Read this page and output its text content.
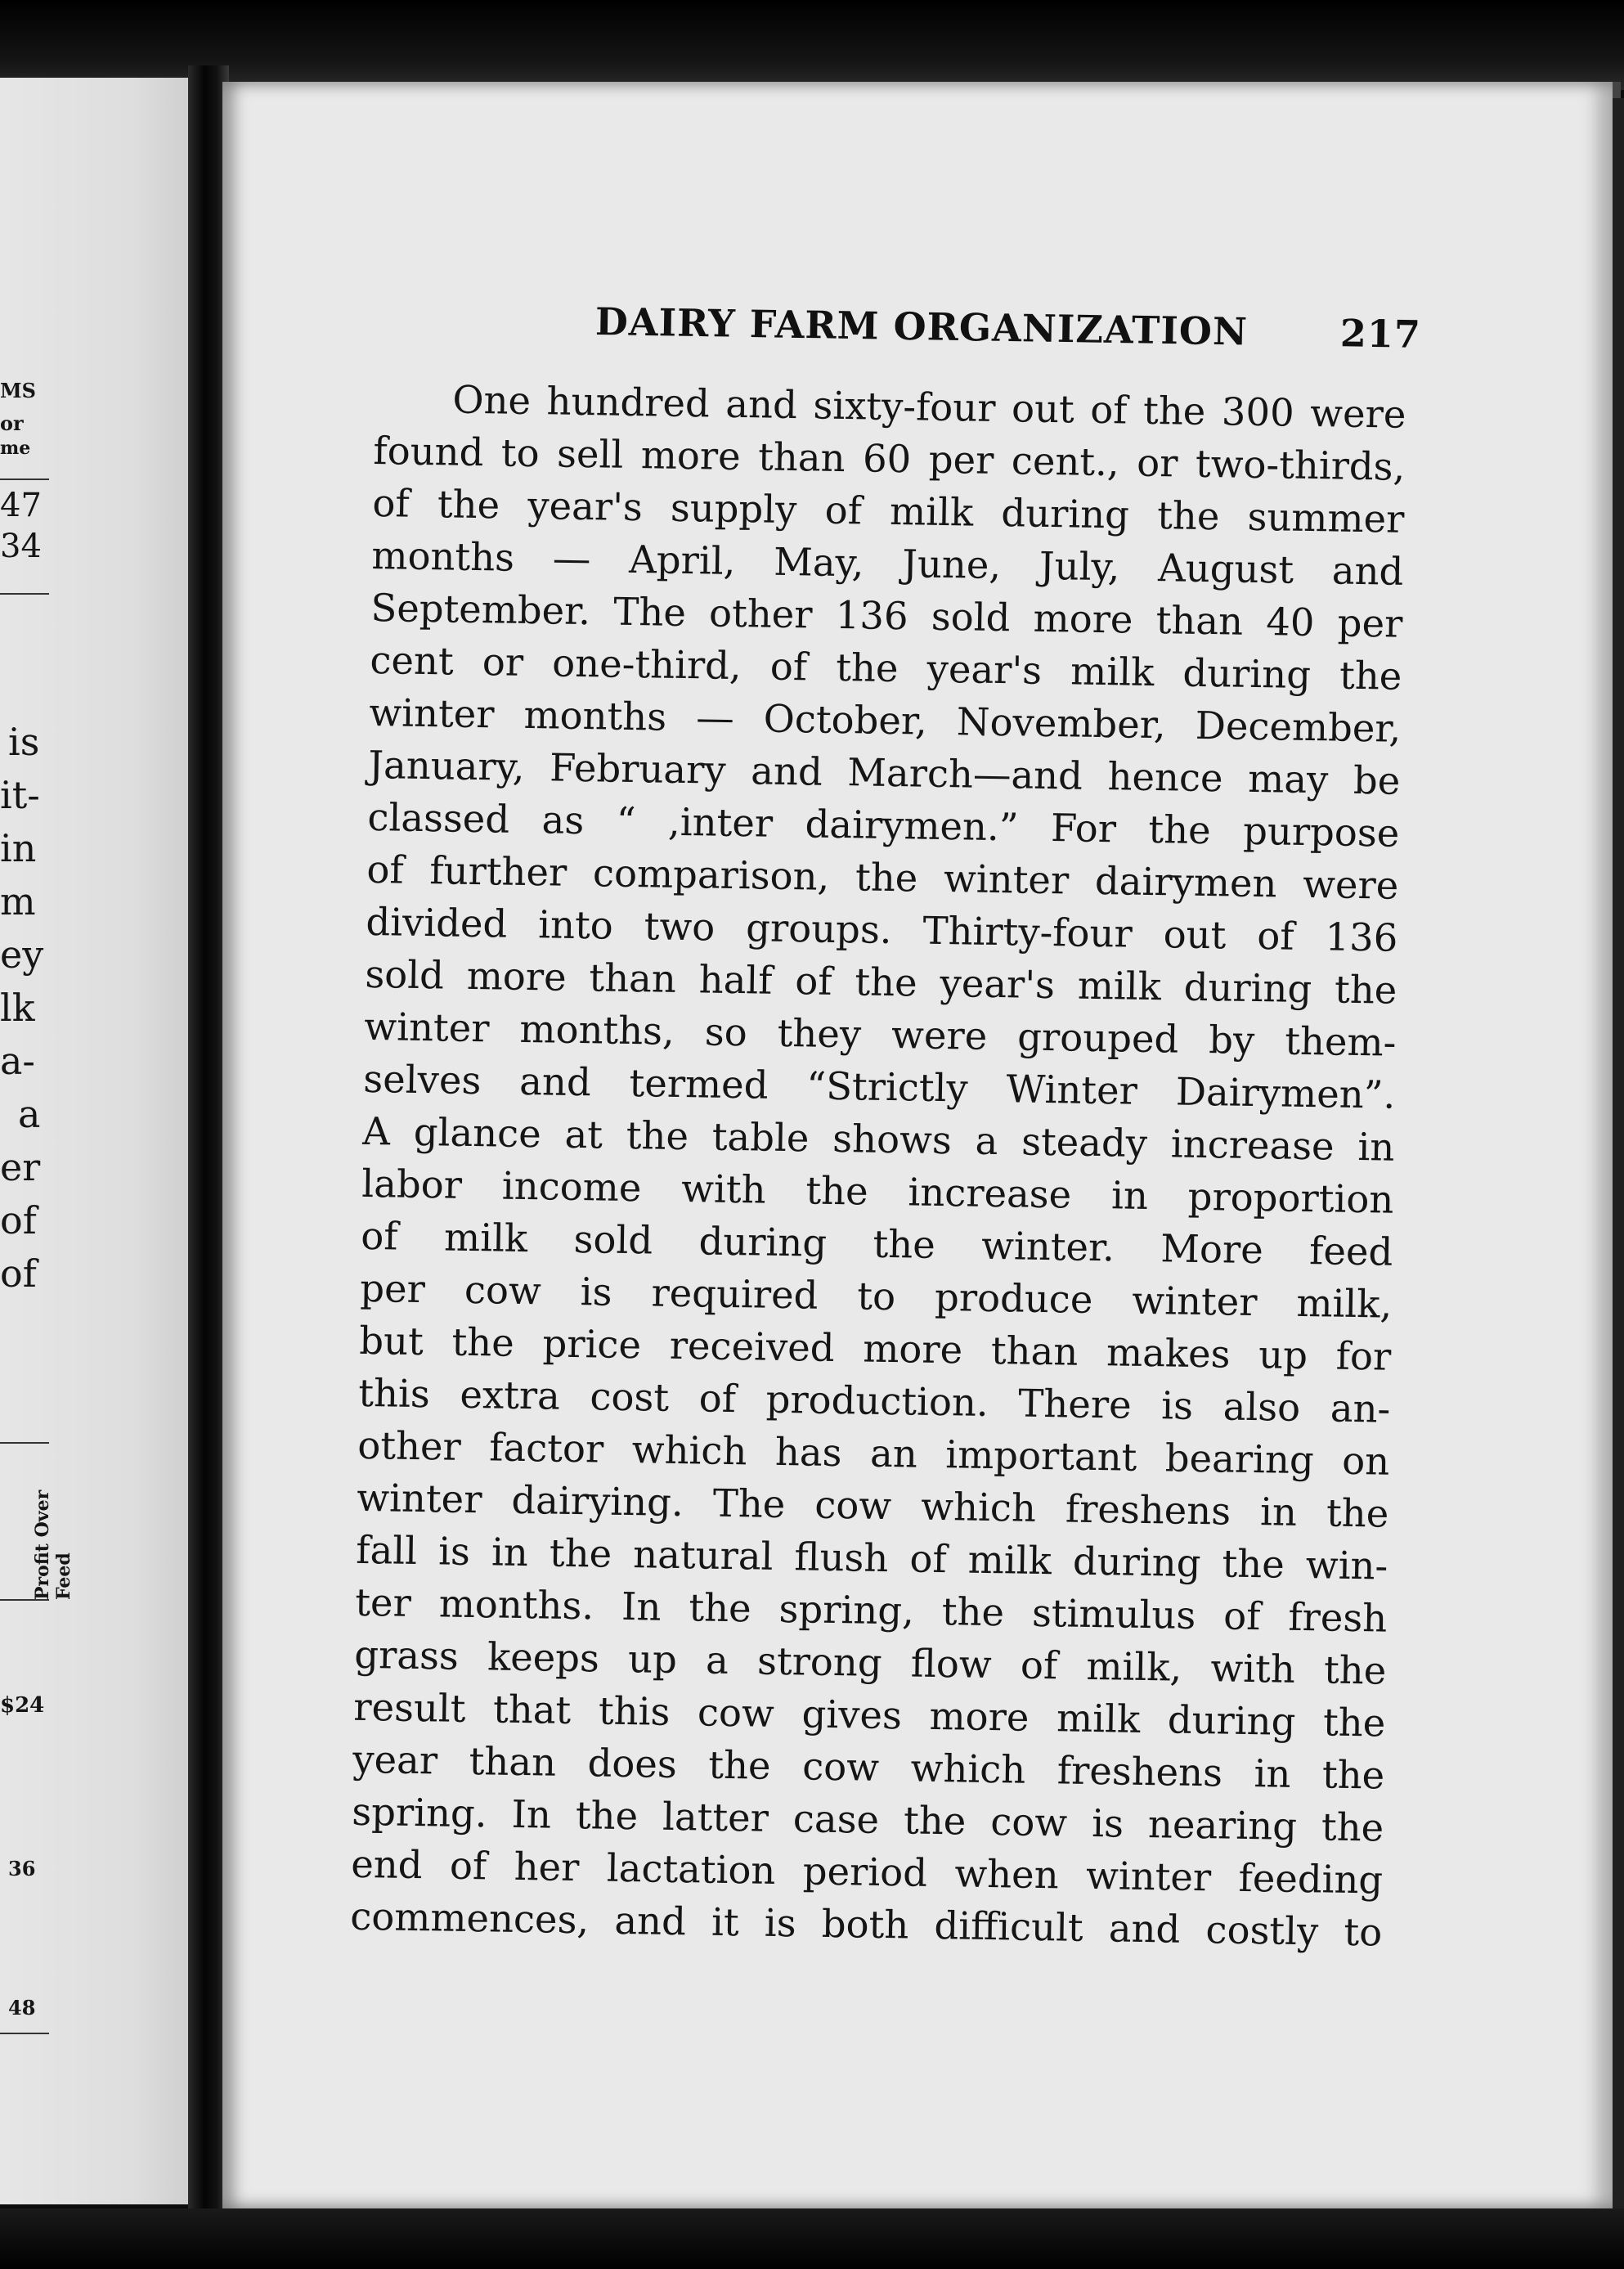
MS
or
me
47
34
is
it-
in
m
ey
lk
a-
a
er
of
of
Profit Over Feed
$24
36
48
DAIRY FARM ORGANIZATION 217
One hundred and sixty-four out of the 300 were
found to sell more than 60 per cent., or two-thirds,
of the year's supply of milk during the summer
months — April, May, June, July, August and
September. The other 136 sold more than 40 per
cent or one-third, of the year's milk during the
winter months — October, November, December,
January, February and March—and hence may be
classed as “ ,inter dairymen.” For the purpose
of further comparison, the winter dairymen were
divided into two groups. Thirty-four out of 136
sold more than half of the year's milk during the
winter months, so they were grouped by them-
selves and termed “Strictly Winter Dairymen”.
A glance at the table shows a steady increase in
labor income with the increase in proportion
of milk sold during the winter. More feed
per cow is required to produce winter milk,
but the price received more than makes up for
this extra cost of production. There is also an-
other factor which has an important bearing on
winter dairying. The cow which freshens in the
fall is in the natural flush of milk during the win-
ter months. In the spring, the stimulus of fresh
grass keeps up a strong flow of milk, with the
result that this cow gives more milk during the
year than does the cow which freshens in the
spring. In the latter case the cow is nearing the
end of her lactation period when winter feeding
commences, and it is both difficult and costly to
